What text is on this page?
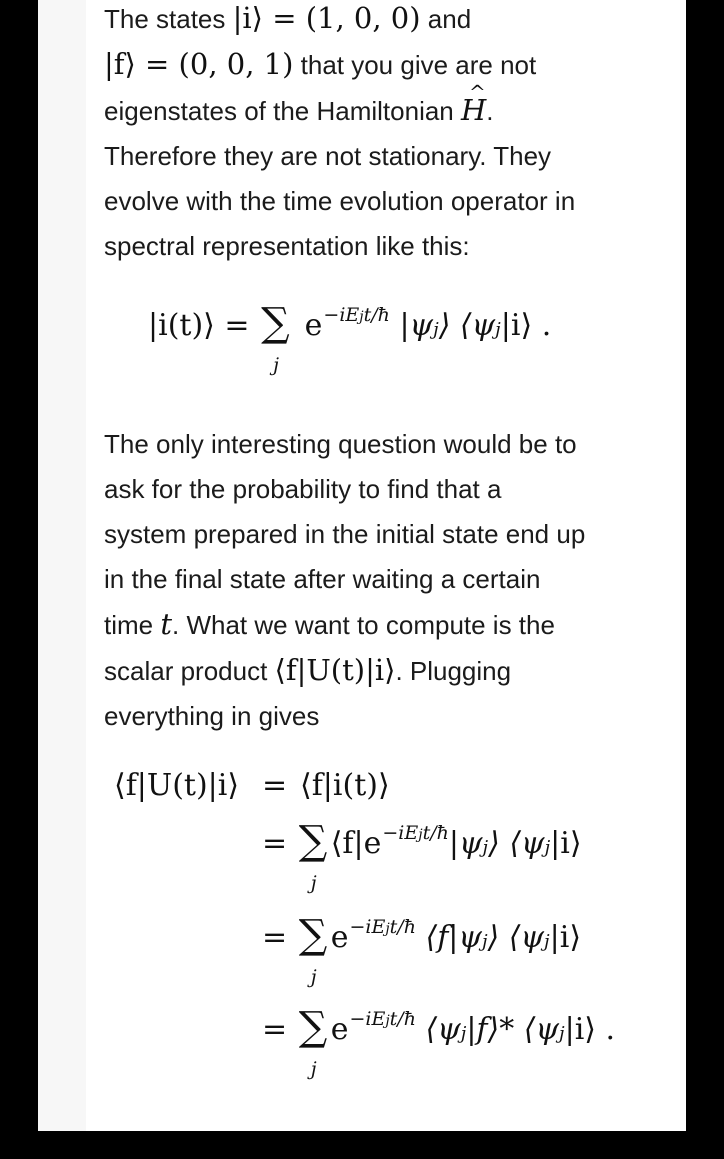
The states |i⟩ = (1, 0, 0) and
|f⟩ = (0, 0, 1) that you give are not
eigenstates of the Hamiltonian ^ H.
Therefore they are not stationary. They
evolve with the time evolution operator in
spectral representation like this:
|i(t)⟩ = ∑
j
$e^{-iEjt/ħ}$ |ψj⟩ ⟨ψj|i⟩ .
The only interesting question would be to
ask for the probability to find that a
system prepared in the initial state end up
in the final state after waiting a certain
time t. What we want to compute is the
scalar product ⟨f|U(t)|i⟩. Plugging
everything in gives
⟨f|U(t)|i⟩ = ⟨f|i(t)⟩
= ∑
j
$⟨f|e^{-iEjt/ħ}|\psi j⟩$ ⟨ψj|i⟩
= ∑
j
$e^{-iEjt/ħ}$ ⟨f|ψj⟩ ⟨ψj|i⟩
= ∑
j
$e^{-iEjt/ħ}$ ⟨ψj|f⟩* ⟨ψj|i⟩ .
